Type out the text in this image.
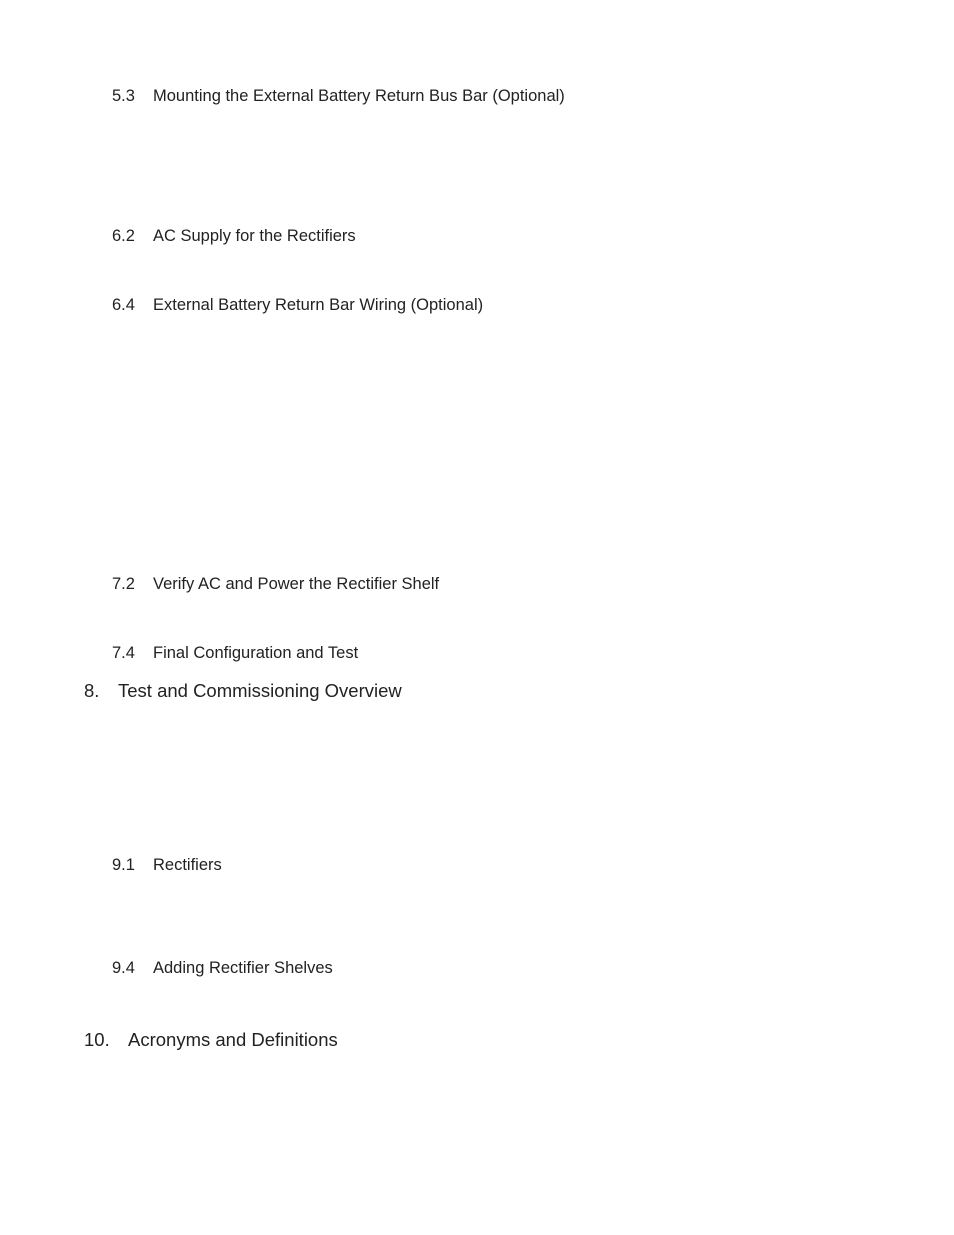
5.3	Mounting the External Battery Return Bus Bar (Optional)
6.2	AC Supply for the Rectifiers
6.4	External Battery Return Bar Wiring (Optional)
7.2	Verify AC and Power the Rectifier Shelf
7.4	Final Configuration and Test
8.	Test and Commissioning Overview
9.1	Rectifiers
9.4	Adding Rectifier Shelves
10. Acronyms and Definitions
